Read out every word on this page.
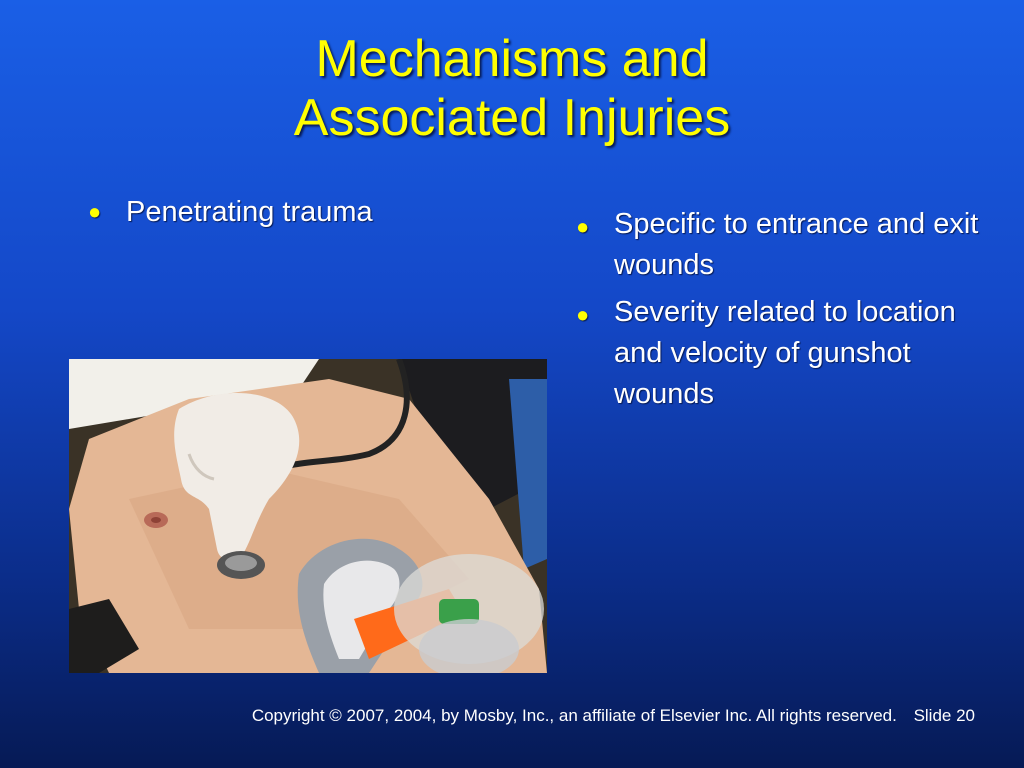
Mechanisms and
Associated Injuries
● Penetrating trauma	● Specific to entrance and exit wounds
● Severity related to location and velocity of gunshot wounds
Copyright © 2007, 2004, by Mosby, Inc., an affiliate of Elsevier Inc. All rights reserved. Slide 20
